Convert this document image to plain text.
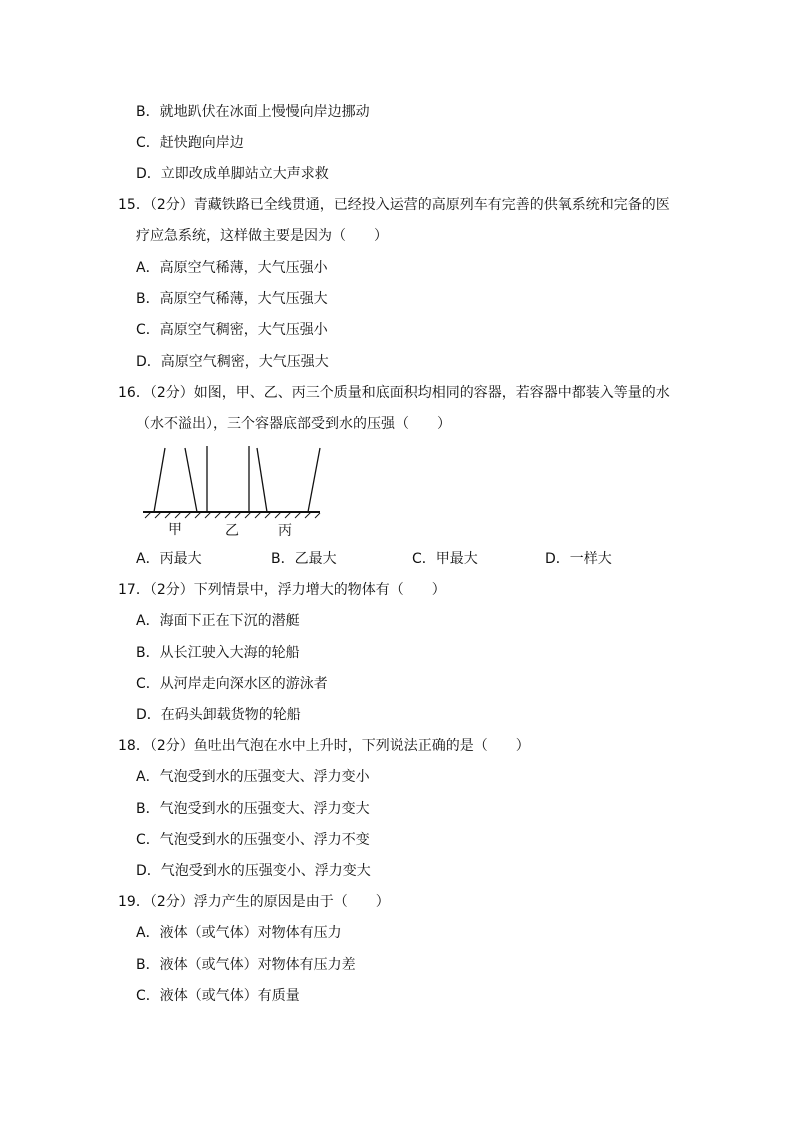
B．就地趴伏在冰面上慢慢向岸边挪动
C．赶快跑向岸边
D．立即改成单脚站立大声求救
15．（2分）青藏铁路已全线贯通，已经投入运营的高原列车有完善的供氧系统和完备的医
疗应急系统，这样做主要是因为（　　）
A．高原空气稀薄，大气压强小
B．高原空气稀薄，大气压强大
C．高原空气稠密，大气压强小
D．高原空气稠密，大气压强大
16．（2分）如图，甲、乙、丙三个质量和底面积均相同的容器，若容器中都装入等量的水
（水不溢出），三个容器底部受到水的压强（　　）
甲	乙	丙
A．丙最大	B．乙最大	C．甲最大	D．一样大
17．（2分）下列情景中，浮力增大的物体有（　　）
A．海面下正在下沉的潜艇
B．从长江驶入大海的轮船
C．从河岸走向深水区的游泳者
D．在码头卸载货物的轮船
18．（2分）鱼吐出气泡在水中上升时，下列说法正确的是（　　）
A．气泡受到水的压强变大、浮力变小
B．气泡受到水的压强变大、浮力变大
C．气泡受到水的压强变小、浮力不变
D．气泡受到水的压强变小、浮力变大
19．（2分）浮力产生的原因是由于（　　）
A．液体（或气体）对物体有压力
B．液体（或气体）对物体有压力差
C．液体（或气体）有质量
